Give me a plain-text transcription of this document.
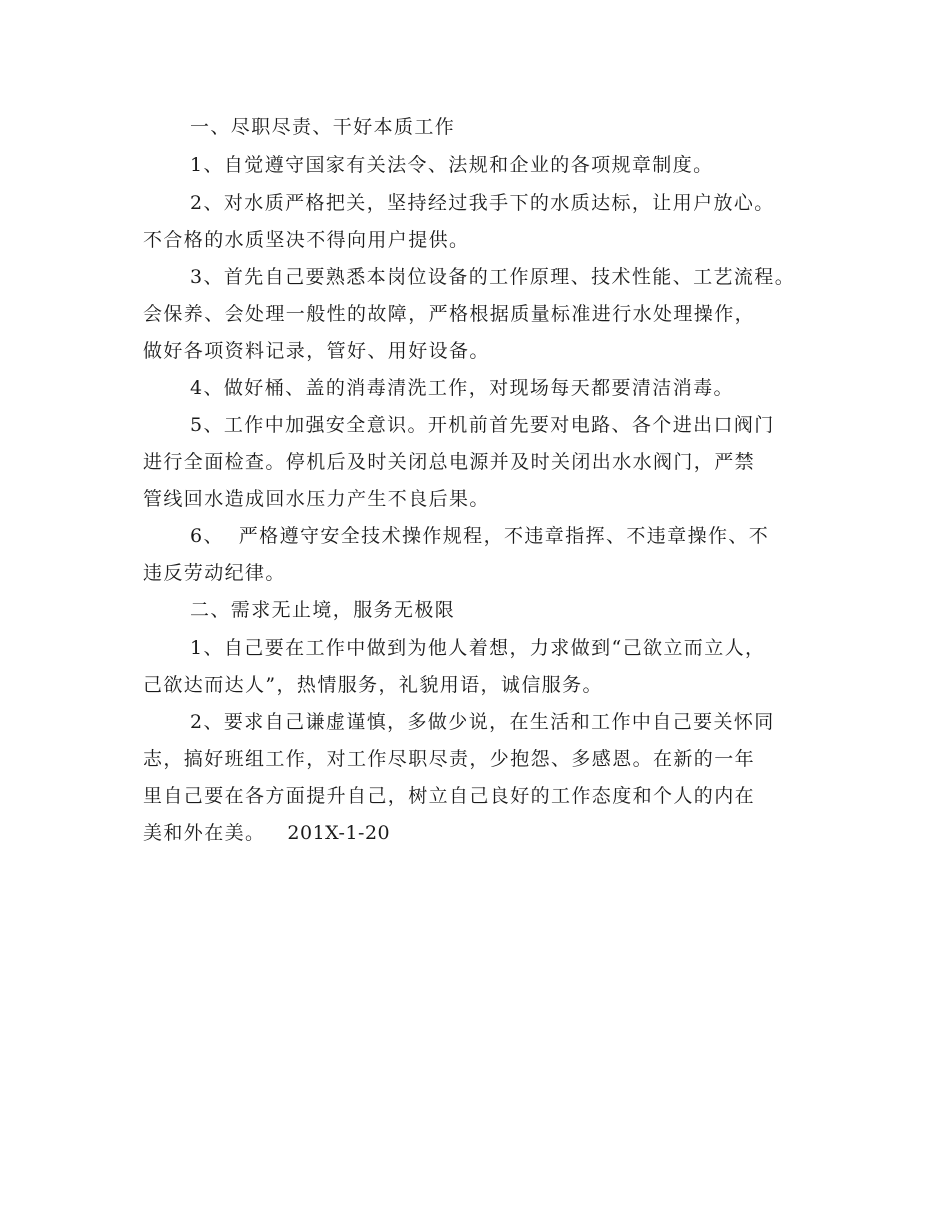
一、尽职尽责、干好本质工作
1、自觉遵守国家有关法令、法规和企业的各项规章制度。
2、对水质严格把关，坚持经过我手下的水质达标，让用户放心。
不合格的水质坚决不得向用户提供。
3、首先自己要熟悉本岗位设备的工作原理、技术性能、工艺流程。
会保养、会处理一般性的故障，严格根据质量标准进行水处理操作，
做好各项资料记录，管好、用好设备。
4、做好桶、盖的消毒清洗工作，对现场每天都要清洁消毒。
5、工作中加强安全意识。开机前首先要对电路、各个进出口阀门
进行全面检查。停机后及时关闭总电源并及时关闭出水水阀门，严禁
管线回水造成回水压力产生不良后果。
6、  严格遵守安全技术操作规程，不违章指挥、不违章操作、不
违反劳动纪律。
二、需求无止境，服务无极限
1、自己要在工作中做到为他人着想，力求做到“己欲立而立人，
己欲达而达人”，热情服务，礼貌用语，诚信服务。
2、要求自己谦虚谨慎，多做少说，在生活和工作中自己要关怀同
志，搞好班组工作，对工作尽职尽责，少抱怨、多感恩。在新的一年
里自己要在各方面提升自己，树立自己良好的工作态度和个人的内在
美和外在美。 201X-1-20
